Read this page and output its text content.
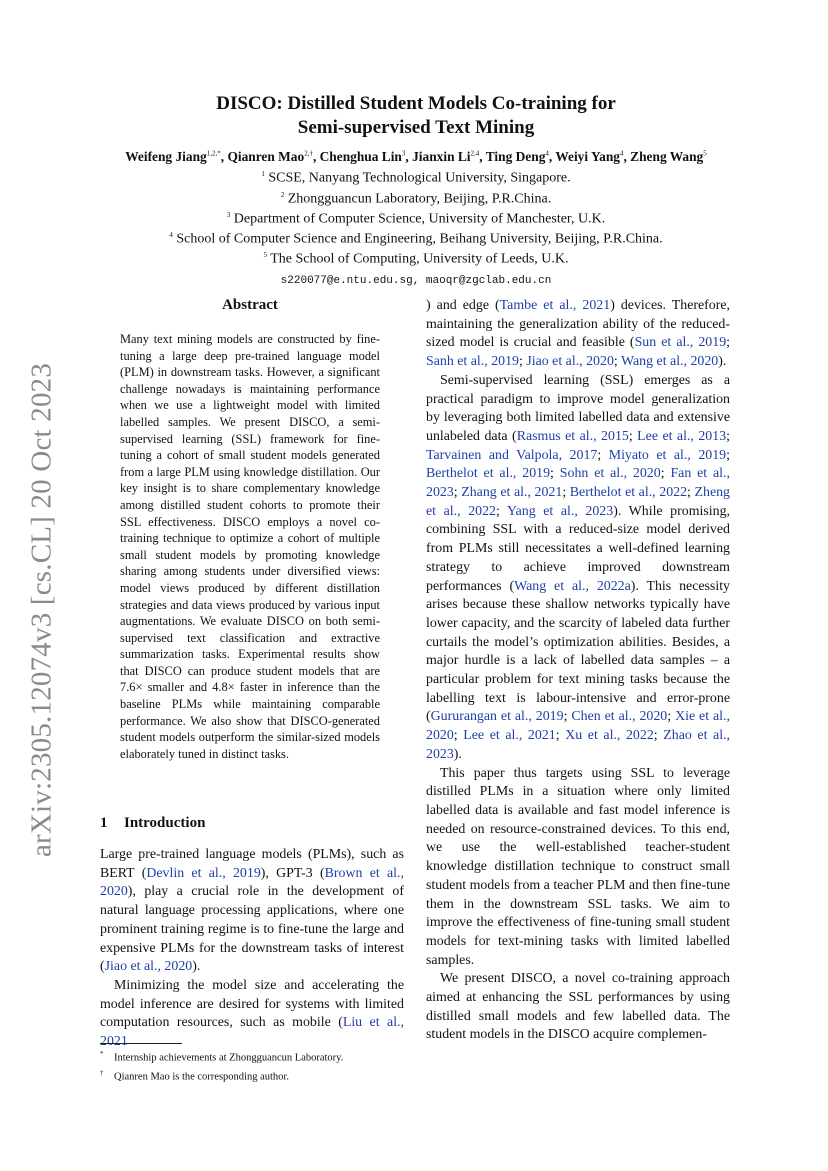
arXiv:2305.12074v3 [cs.CL] 20 Oct 2023
DISCO: Distilled Student Models Co-training for
Semi-supervised Text Mining
Weifeng Jiang$^{1,2,*}$, Qianren Mao$^{2,\dagger}$, Chenghua Lin$^3$, Jianxin Li$^{2,4}$, Ting Deng$^4$, Weiyi Yang$^4$, Zheng Wang$^5$
$^1$ SCSE, Nanyang Technological University, Singapore.
$^2$ Zhongguancun Laboratory, Beijing, P.R.China.
$^3$ Department of Computer Science, University of Manchester, U.K.
$^4$ School of Computer Science and Engineering, Beihang University, Beijing, P.R.China.
$^5$ The School of Computing, University of Leeds, U.K.
s220077@e.ntu.edu.sg, maoqr@zgclab.edu.cn
Abstract
Many text mining models are constructed by fine-tuning a large deep pre-trained language model (PLM) in downstream tasks. However, a significant challenge nowadays is maintaining performance when we use a lightweight model with limited labelled samples. We present DISCO, a semi-supervised learning (SSL) framework for fine-tuning a cohort of small student models generated from a large PLM using knowledge distillation. Our key insight is to share complementary knowledge among distilled student cohorts to promote their SSL effectiveness. DISCO employs a novel co-training technique to optimize a cohort of multiple small student models by promoting knowledge sharing among students under diversified views: model views produced by different distillation strategies and data views produced by various input augmentations. We evaluate DISCO on both semi-supervised text classification and extractive summarization tasks. Experimental results show that DISCO can produce student models that are 7.6× smaller and 4.8× faster in inference than the baseline PLMs while maintaining comparable performance. We also show that DISCO-generated student models outperform the similar-sized models elaborately tuned in distinct tasks.
1 Introduction

Large pre-trained language models (PLMs), such as BERT (Devlin et al., 2019), GPT-3 (Brown et al., 2020), play a crucial role in the development of natural language processing applications, where one prominent training regime is to fine-tune the large and expensive PLMs for the downstream tasks of interest (Jiao et al., 2020).

Minimizing the model size and accelerating the model inference are desired for systems with limited computation resources, such as mobile (Liu et al., 2021

* Internship achievements at Zhongguancun Laboratory.
† Qianren Mao is the corresponding author.

) and edge (Tambe et al., 2021) devices. Therefore, maintaining the generalization ability of the reduced-sized model is crucial and feasible (Sun et al., 2019; Sanh et al., 2019; Jiao et al., 2020; Wang et al., 2020).

Semi-supervised learning (SSL) emerges as a practical paradigm to improve model generalization by leveraging both limited labelled data and extensive unlabeled data (Rasmus et al., 2015; Lee et al., 2013; Tarvainen and Valpola, 2017; Miyato et al., 2019; Berthelot et al., 2019; Sohn et al., 2020; Fan et al., 2023; Zhang et al., 2021; Berthelot et al., 2022; Zheng et al., 2022; Yang et al., 2023). While promising, combining SSL with a reduced-size model derived from PLMs still necessitates a well-defined learning strategy to achieve improved downstream performances (Wang et al., 2022a). This necessity arises because these shallow networks typically have lower capacity, and the scarcity of labeled data further curtails the model’s optimization abilities. Besides, a major hurdle is a lack of labelled data samples – a particular problem for text mining tasks because the labelling text is labour-intensive and error-prone (Gururangan et al., 2019; Chen et al., 2020; Xie et al., 2020; Lee et al., 2021; Xu et al., 2022; Zhao et al., 2023).

This paper thus targets using SSL to leverage distilled PLMs in a situation where only limited labelled data is available and fast model inference is needed on resource-constrained devices. To this end, we use the well-established teacher-student knowledge distillation technique to construct small student models from a teacher PLM and then fine-tune them in the downstream SSL tasks. We aim to improve the effectiveness of fine-tuning small student models for text-mining tasks with limited labelled samples.

We present DISCO, a novel co-training approach aimed at enhancing the SSL performances by using distilled small models and few labelled data. The student models in the DISCO acquire complemen-
